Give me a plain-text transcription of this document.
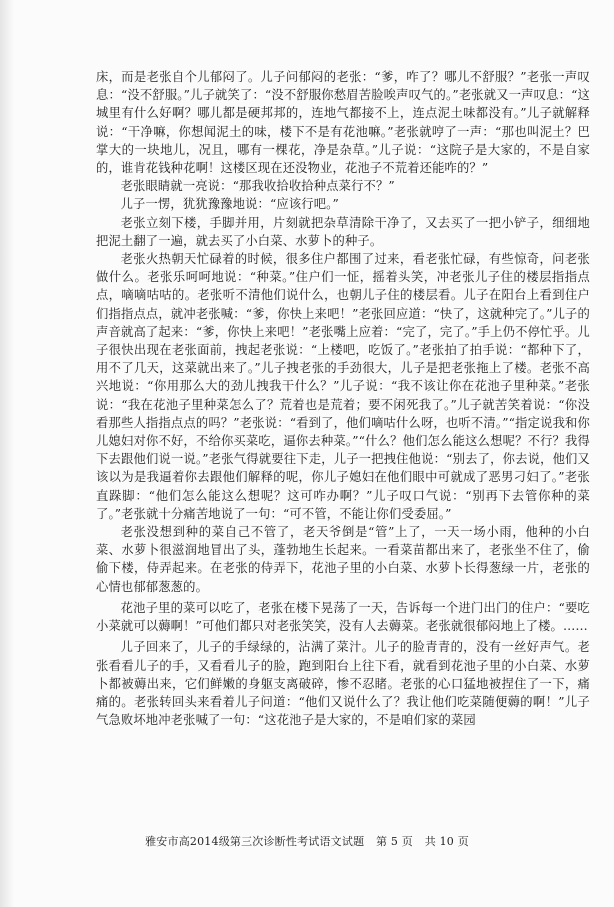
床，而是老张自个儿郁闷了。儿子问郁闷的老张：“爹，咋了？哪儿不舒服？”老张一声叹息：“没不舒服。”儿子就笑了：“没不舒服你愁眉苦脸唉声叹气的。”老张就又一声叹息：“这城里有什么好啊？哪儿都是硬邦邦的，连地气都接不上，连点泥土味都没有。”儿子就解释说：“干净嘛，你想闻泥土的味，楼下不是有花池嘛。”老张就哼了一声：“那也叫泥土？巴掌大的一块地儿，况且，哪有一棵花，净是杂草。”儿子说：“这院子是大家的，不是自家的，谁肯花钱种花啊！这楼区现在还没物业，花池子不荒着还能咋的？”

老张眼睛就一亮说：“那我收拾收拾种点菜行不？”

儿子一愣，犹犹豫豫地说：“应该行吧。”

老张立刻下楼，手脚并用，片刻就把杂草清除干净了，又去买了一把小铲子，细细地把泥土翻了一遍，就去买了小白菜、水萝卜的种子。

老张火热朝天忙碌着的时候，很多住户都围了过来，看老张忙碌，有些惊奇，问老张做什么。老张乐呵呵地说：“种菜。”住户们一怔，摇着头笑，冲老张儿子住的楼层指指点点，嘀嘀咕咕的。老张听不清他们说什么，也朝儿子住的楼层看。儿子在阳台上看到住户们指指点点，就冲老张喊：“爹，你快上来吧！”老张回应道：“快了，这就种完了。”儿子的声音就高了起来：“爹，你快上来吧！”老张嘴上应着：“完了，完了。”手上仍不停忙乎。儿子很快出现在老张面前，拽起老张说：“上楼吧，吃饭了。”老张拍了拍手说：“都种下了，用不了几天，这菜就出来了。”儿子拽老张的手劲很大，儿子是把老张拖上了楼。老张不高兴地说：“你用那么大的劲儿拽我干什么？”儿子说：“我不该让你在花池子里种菜。”老张说：“我在花池子里种菜怎么了？荒着也是荒着；要不闲死我了。”儿子就苦笑着说：“你没看那些人指指点点的吗？”老张说：“看到了，他们嘀咕什么呀，也听不清。”“指定说我和你儿媳妇对你不好，不给你买菜吃，逼你去种菜。”“什么？他们怎么能这么想呢？不行？我得下去跟他们说一说。”老张气得就要往下走，儿子一把拽住他说：“别去了，你去说，他们又该以为是我逼着你去跟他们解释的呢，你儿子媳妇在他们眼中可就成了恶男刁妇了。”老张直跺脚：“他们怎么能这么想呢？这可咋办啊？”儿子叹口气说：“别再下去管你种的菜了。”老张就十分痛苦地说了一句：“可不管，不能让你们受委屈。”

老张没想到种的菜自己不管了，老天爷倒是“管”上了，一天一场小雨，他种的小白菜、水萝卜很滋润地冒出了头，蓬勃地生长起来。一看菜苗都出来了，老张坐不住了，偷偷下楼，侍弄起来。在老张的侍弄下，花池子里的小白菜、水萝卜长得葱绿一片，老张的心情也郁郁葱葱的。

花池子里的菜可以吃了，老张在楼下晃荡了一天，告诉每一个进门出门的住户：“要吃小菜就可以薅啊！”可他们都只对老张笑笑，没有人去薅菜。老张就很郁闷地上了楼。……

儿子回来了，儿子的手绿绿的，沾满了菜汁。儿子的脸青青的，没有一丝好声气。老张看看儿子的手，又看看儿子的脸，跑到阳台上往下看，就看到花池子里的小白菜、水萝卜都被薅出来，它们鲜嫩的身躯支离破碎，惨不忍睹。老张的心口猛地被捏住了一下，痛痛的。老张转回头来看着儿子问道：“他们又说什么了？我让他们吃菜随便薅的啊！”儿子气急败坏地冲老张喊了一句：“这花池子是大家的，不是咱们家的菜园

雅安市高2014级第三次诊断性考试语文试题 第 5 页 共 10 页
